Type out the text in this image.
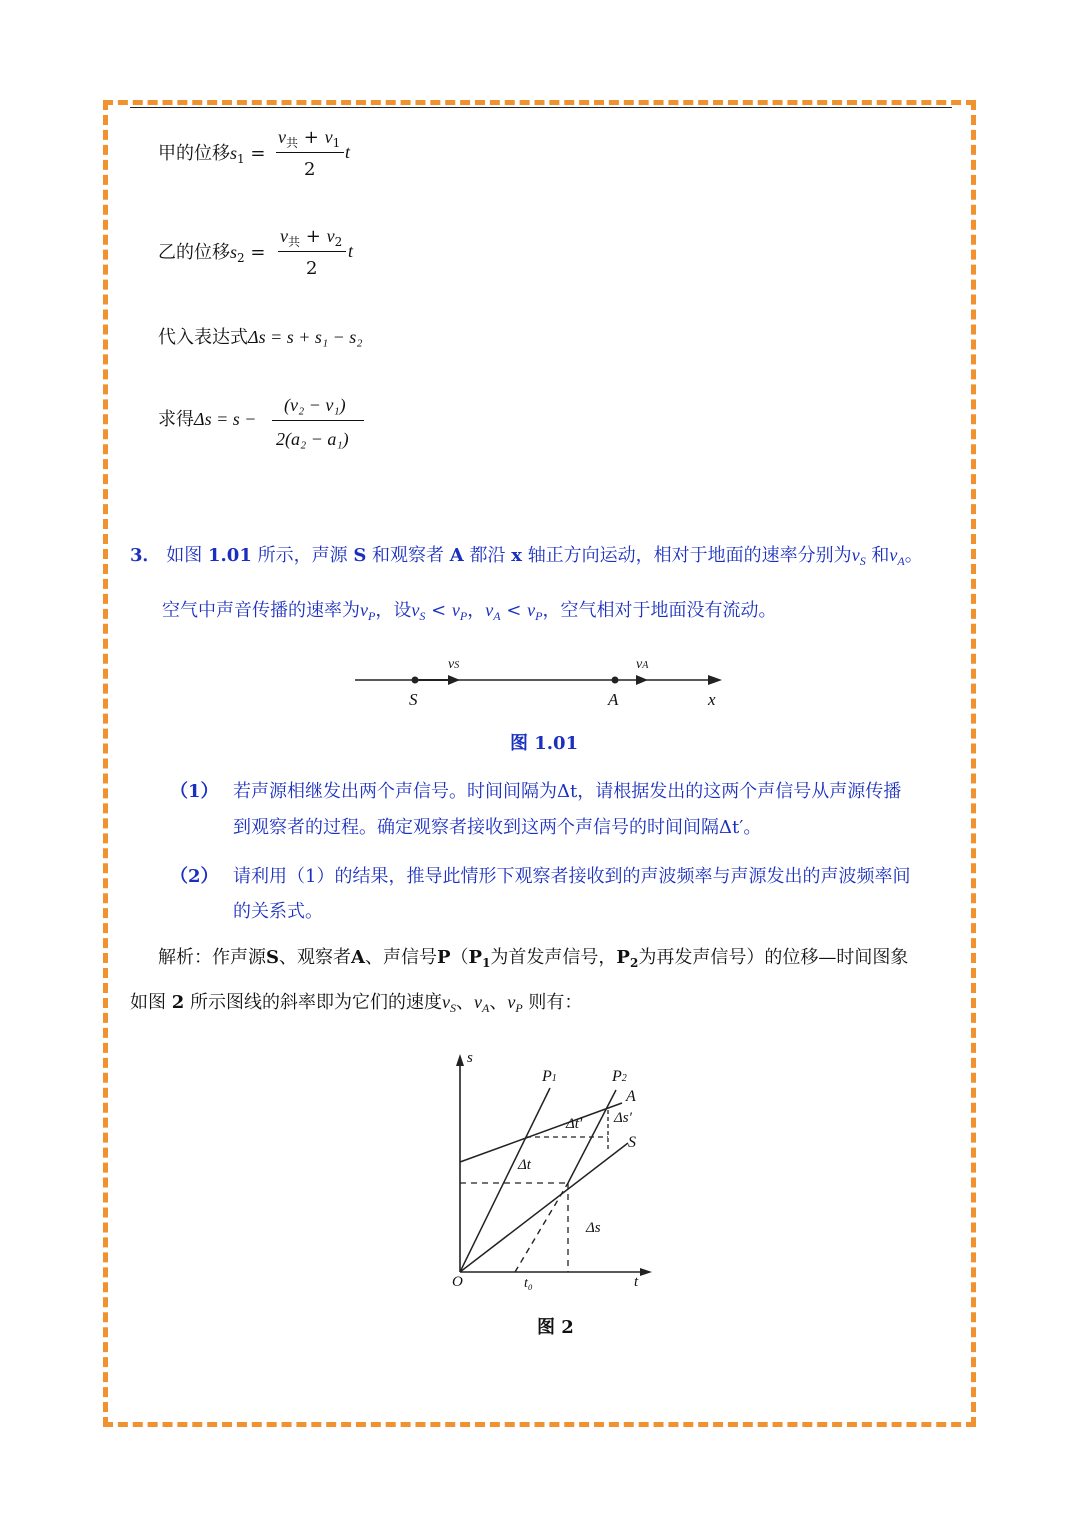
甲的位移$s_1$ =
$v_共 + v_1$
2
t
乙的位移$s_2$ =
$v_共 + v_2$
2
t
代入表达式Δs = s + s₁ − s₂
求得Δs = s −
(v₂ − v₁)
2(a₂ − a₁)
3． 如图 1.01 所示，声源 S 和观察者 A 都沿 x 轴正方向运动，相对于地面的速率分别为$v_S$ 和$v_A$。
空气中声音传播的速率为$v_P$，设$v_S < v_P$，$v_A < v_P$，空气相对于地面没有流动。
S	A	x
vS	vA
图 1.01
（1） 若声源相继发出两个声信号。时间间隔为Δt，请根据发出的这两个声信号从声源传播
到观察者的过程。确定观察者接收到这两个声信号的时间间隔Δt′。
（2） 请利用（1）的结果，推导此情形下观察者接收到的声波频率与声源发出的声波频率间
的关系式。
解析：作声源S、观察者A、声信号$P(P_1$为首发声信号，$P_2$为再发声信号）的位移—时间图象
如图 2 所示图线的斜率即为它们的速度$v_S$、$v_A$、$v_P$ 则有：
s
t
O	t₀
P1	P2
A
S
Δt′ Δs′
Δt
Δs
图 2
